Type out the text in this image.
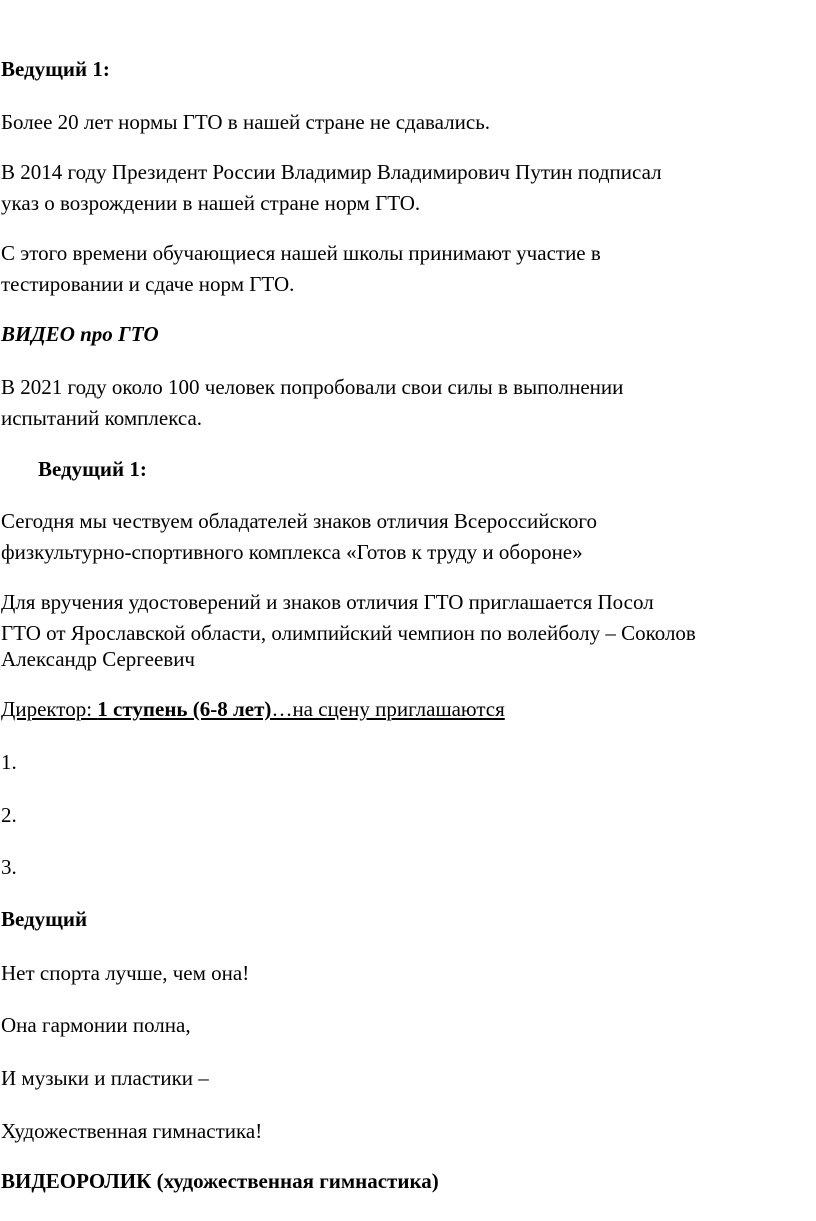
Ведущий 1:

Более 20 лет нормы ГТО в нашей стране не сдавались.

В 2014 году Президент России Владимир Владимирович Путин подписал

указ о возрождении в нашей стране норм ГТО.

С этого времени обучающиеся нашей школы принимают участие в

тестировании и сдаче норм ГТО.

ВИДЕО про ГТО

В 2021 году около 100 человек попробовали свои силы в выполнении

испытаний комплекса.

Ведущий 1:

Сегодня мы чествуем обладателей знаков отличия Всероссийского

физкультурно-спортивного комплекса «Готов к труду и обороне»

Для вручения удостоверений и знаков отличия ГТО приглашается Посол

ГТО от Ярославской области, олимпийский чемпион по волейболу – Соколов

Александр Сергеевич

Директор: 1 ступень (6-8 лет)…на сцену приглашаются

1.

2.

3.

Ведущий

Нет спорта лучше, чем она!

Она гармонии полна,

И музыки и пластики –

Художественная гимнастика!

ВИДЕОРОЛИК (художественная гимнастика)
